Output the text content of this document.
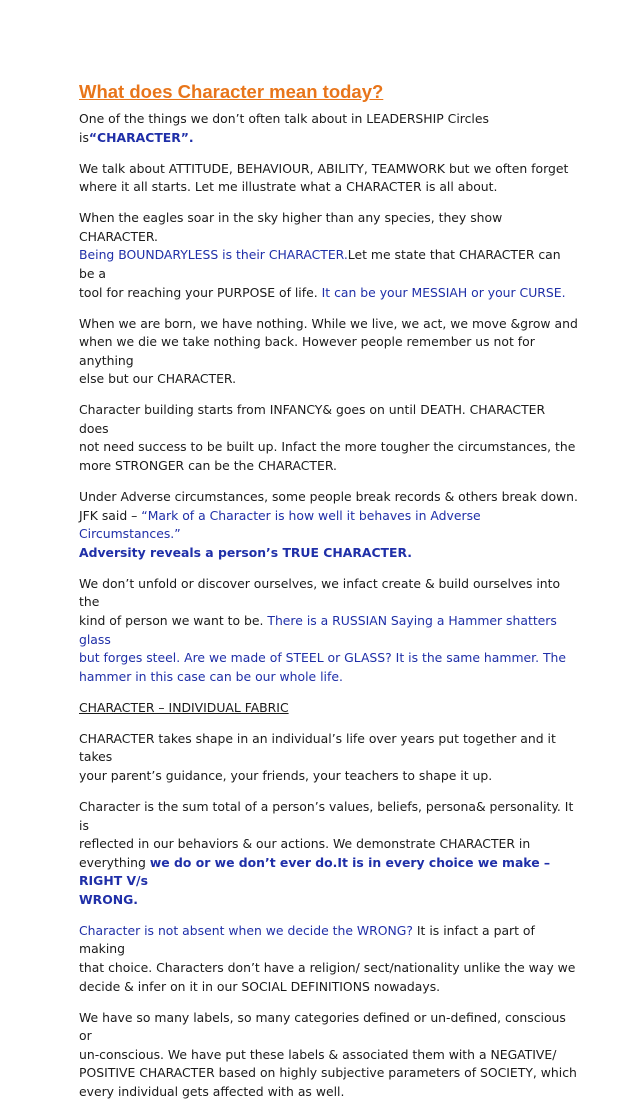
What does Character mean today?

One of the things we don’t often talk about in LEADERSHIP Circles
is“CHARACTER”.

We talk about ATTITUDE, BEHAVIOUR, ABILITY, TEAMWORK but we often forget
where it all starts. Let me illustrate what a CHARACTER is all about.

When the eagles soar in the sky higher than any species, they show CHARACTER.
Being BOUNDARYLESS is their CHARACTER.Let me state that CHARACTER can be a
tool for reaching your PURPOSE of life. It can be your MESSIAH or your CURSE.

When we are born, we have nothing. While we live, we act, we move &grow and
when we die we take nothing back. However people remember us not for anything
else but our CHARACTER.

Character building starts from INFANCY& goes on until DEATH. CHARACTER does
not need success to be built up. Infact the more tougher the circumstances, the
more STRONGER can be the CHARACTER.

Under Adverse circumstances, some people break records & others break down.
JFK said – “Mark of a Character is how well it behaves in Adverse Circumstances.”
Adversity reveals a person’s TRUE CHARACTER.

We don’t unfold or discover ourselves, we infact create & build ourselves into the
kind of person we want to be. There is a RUSSIAN Saying a Hammer shatters glass
but forges steel. Are we made of STEEL or GLASS? It is the same hammer. The
hammer in this case can be our whole life.

CHARACTER – INDIVIDUAL FABRIC

CHARACTER takes shape in an individual’s life over years put together and it takes
your parent’s guidance, your friends, your teachers to shape it up.

Character is the sum total of a person’s values, beliefs, persona& personality. It is
reflected in our behaviors & our actions. We demonstrate CHARACTER in
everything we do or we don’t ever do.It is in every choice we make – RIGHT V/s
WRONG.

Character is not absent when we decide the WRONG? It is infact a part of making
that choice. Characters don’t have a religion/ sect/nationality unlike the way we
decide & infer on it in our SOCIAL DEFINITIONS nowadays.

We have so many labels, so many categories defined or un-defined, conscious or
un-conscious. We have put these labels & associated them with a NEGATIVE/
POSITIVE CHARACTER based on highly subjective parameters of SOCIETY, which
every individual gets affected with as well.
